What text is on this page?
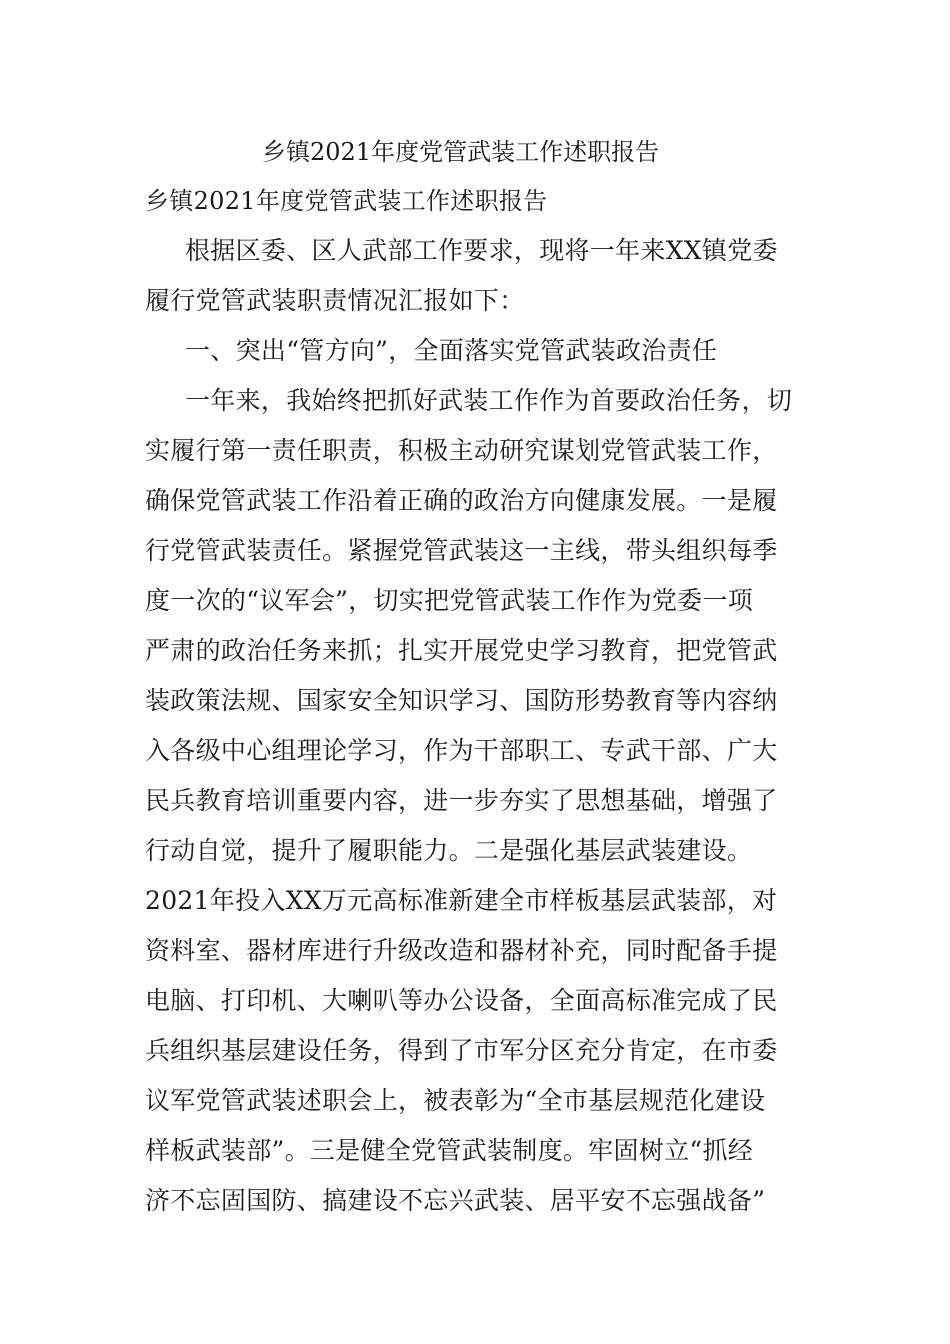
乡镇2021年度党管武装工作述职报告
乡镇2021年度党管武装工作述职报告
根据区委、区人武部工作要求，现将一年来XX镇党委
履行党管武装职责情况汇报如下：
一、突出“管方向”，全面落实党管武装政治责任
一年来，我始终把抓好武装工作作为首要政治任务，切
实履行第一责任职责，积极主动研究谋划党管武装工作，
确保党管武装工作沿着正确的政治方向健康发展。一是履
行党管武装责任。紧握党管武装这一主线，带头组织每季
度一次的“议军会”，切实把党管武装工作作为党委一项
严肃的政治任务来抓；扎实开展党史学习教育，把党管武
装政策法规、国家安全知识学习、国防形势教育等内容纳
入各级中心组理论学习，作为干部职工、专武干部、广大
民兵教育培训重要内容，进一步夯实了思想基础，增强了
行动自觉，提升了履职能力。二是强化基层武装建设。
2021年投入XX万元高标准新建全市样板基层武装部，对
资料室、器材库进行升级改造和器材补充，同时配备手提
电脑、打印机、大喇叭等办公设备，全面高标准完成了民
兵组织基层建设任务，得到了市军分区充分肯定，在市委
议军党管武装述职会上，被表彰为“全市基层规范化建设
样板武装部”。三是健全党管武装制度。牢固树立“抓经
济不忘固国防、搞建设不忘兴武装、居平安不忘强战备”
